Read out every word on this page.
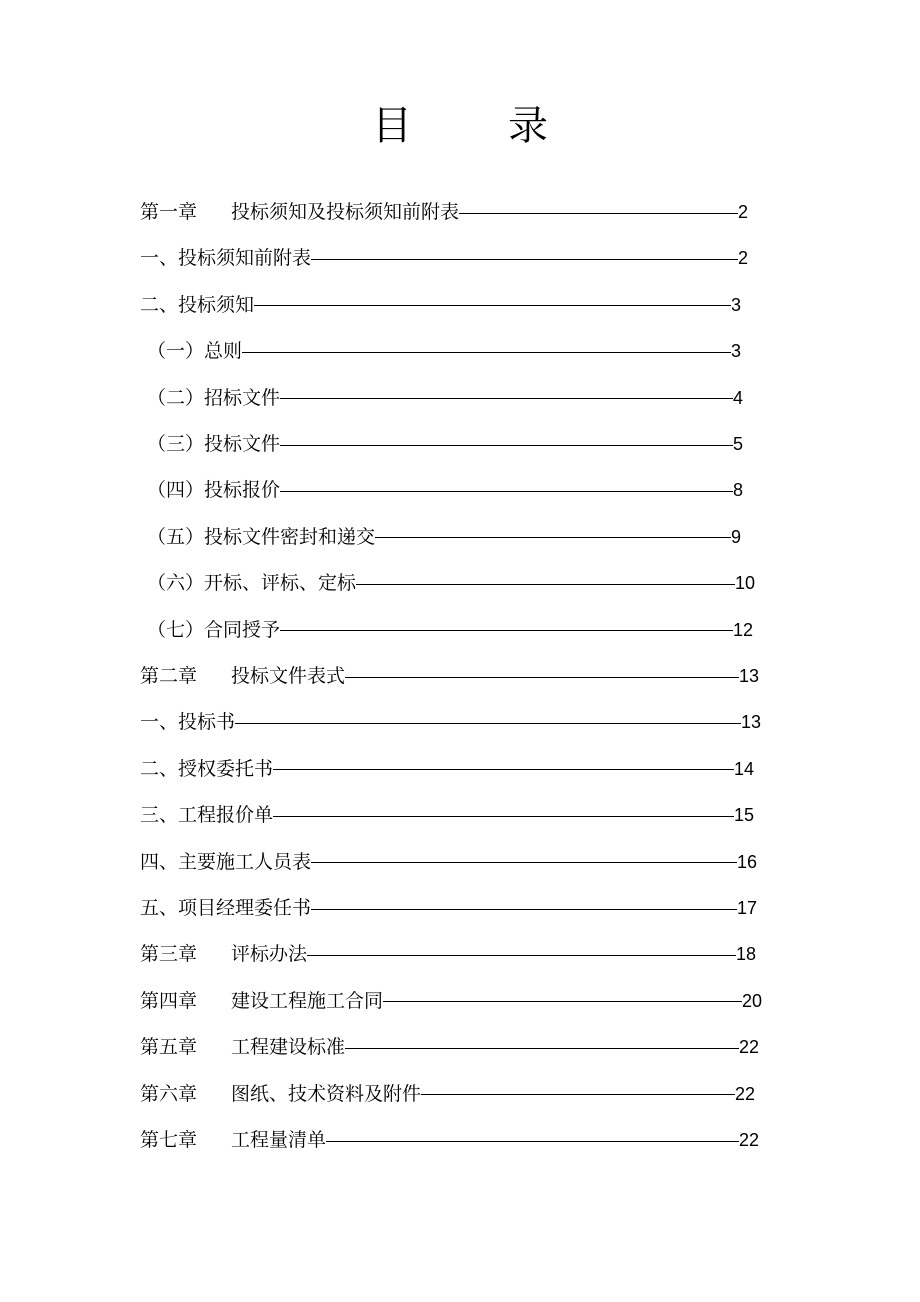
目 录
第一章 投标须知及投标须知前附表	2
一、投标须知前附表	2
二、投标须知	3
（一）总则	3
（二）招标文件	4
（三）投标文件	5
（四）投标报价	8
（五）投标文件密封和递交	9
（六）开标、评标、定标	10
（七）合同授予	12
第二章 投标文件表式	13
一、投标书	13
二、授权委托书	14
三、工程报价单	15
四、主要施工人员表	16
五、项目经理委任书	17
第三章 评标办法	18
第四章 建设工程施工合同	20
第五章 工程建设标准	22
第六章 图纸、技术资料及附件	22
第七章 工程量清单	22
